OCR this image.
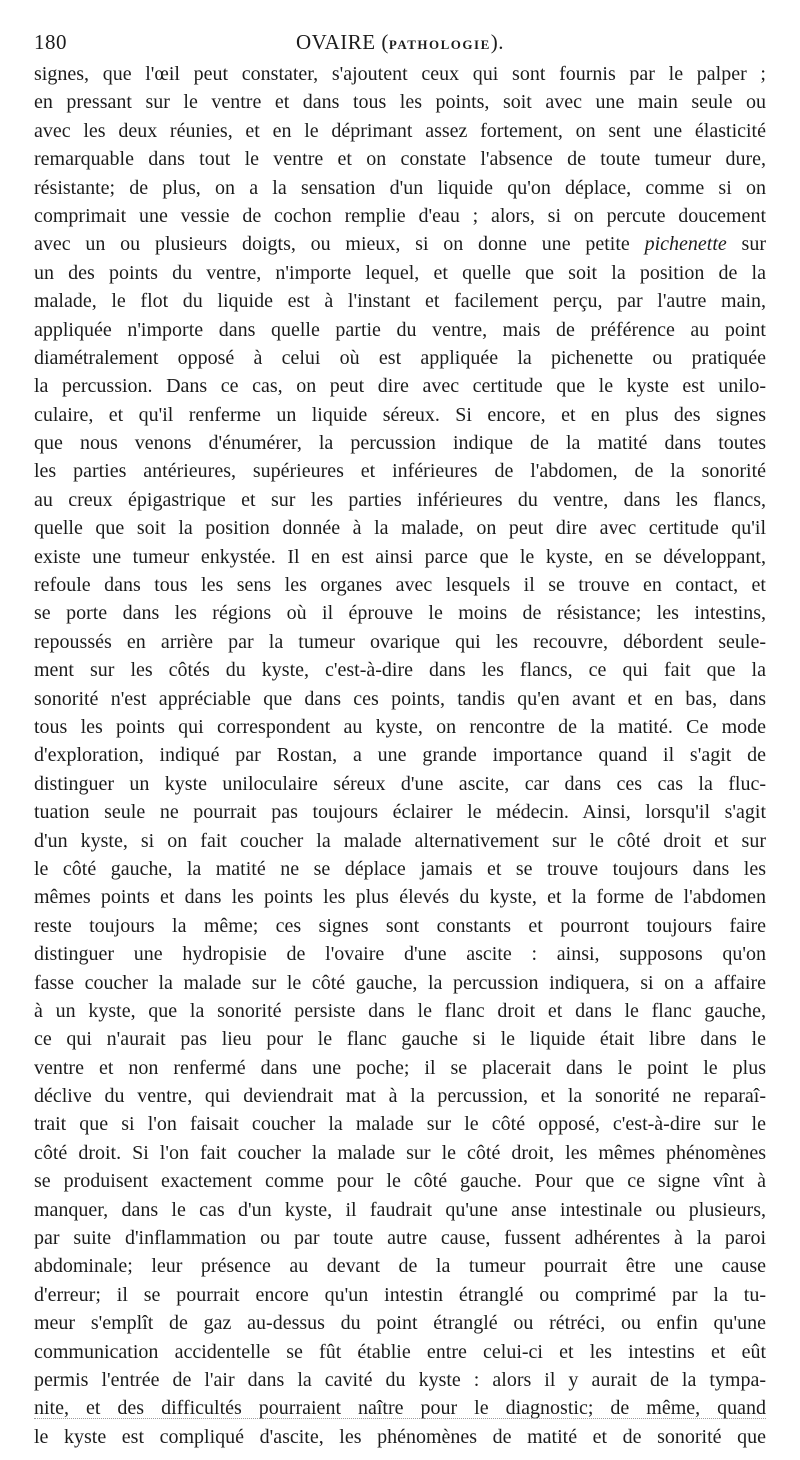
180	OVAIRE (PATHOLOGIE).
signes, que l'œil peut constater, s'ajoutent ceux qui sont fournis par le palper ;
en pressant sur le ventre et dans tous les points, soit avec une main seule ou
avec les deux réunies, et en le déprimant assez fortement, on sent une élasticité
remarquable dans tout le ventre et on constate l'absence de toute tumeur dure,
résistante; de plus, on a la sensation d'un liquide qu'on déplace, comme si on
comprimait une vessie de cochon remplie d'eau ; alors, si on percute doucement
avec un ou plusieurs doigts, ou mieux, si on donne une petite pichenette sur
un des points du ventre, n'importe lequel, et quelle que soit la position de la
malade, le flot du liquide est à l'instant et facilement perçu, par l'autre main,
appliquée n'importe dans quelle partie du ventre, mais de préférence au point
diamétralement opposé à celui où est appliquée la pichenette ou pratiquée
la percussion. Dans ce cas, on peut dire avec certitude que le kyste est unilo-
culaire, et qu'il renferme un liquide séreux. Si encore, et en plus des signes
que nous venons d'énumérer, la percussion indique de la matité dans toutes
les parties antérieures, supérieures et inférieures de l'abdomen, de la sonorité
au creux épigastrique et sur les parties inférieures du ventre, dans les flancs,
quelle que soit la position donnée à la malade, on peut dire avec certitude qu'il
existe une tumeur enkystée. Il en est ainsi parce que le kyste, en se développant,
refoule dans tous les sens les organes avec lesquels il se trouve en contact, et
se porte dans les régions où il éprouve le moins de résistance; les intestins,
repoussés en arrière par la tumeur ovarique qui les recouvre, débordent seule-
ment sur les côtés du kyste, c'est-à-dire dans les flancs, ce qui fait que la
sonorité n'est appréciable que dans ces points, tandis qu'en avant et en bas, dans
tous les points qui correspondent au kyste, on rencontre de la matité. Ce mode
d'exploration, indiqué par Rostan, a une grande importance quand il s'agit de
distinguer un kyste uniloculaire séreux d'une ascite, car dans ces cas la fluc-
tuation seule ne pourrait pas toujours éclairer le médecin. Ainsi, lorsqu'il s'agit
d'un kyste, si on fait coucher la malade alternativement sur le côté droit et sur
le côté gauche, la matité ne se déplace jamais et se trouve toujours dans les
mêmes points et dans les points les plus élevés du kyste, et la forme de l'abdomen
reste toujours la même; ces signes sont constants et pourront toujours faire
distinguer une hydropisie de l'ovaire d'une ascite : ainsi, supposons qu'on
fasse coucher la malade sur le côté gauche, la percussion indiquera, si on a affaire
à un kyste, que la sonorité persiste dans le flanc droit et dans le flanc gauche,
ce qui n'aurait pas lieu pour le flanc gauche si le liquide était libre dans le
ventre et non renfermé dans une poche; il se placerait dans le point le plus
déclive du ventre, qui deviendrait mat à la percussion, et la sonorité ne reparaî-
trait que si l'on faisait coucher la malade sur le côté opposé, c'est-à-dire sur le
côté droit. Si l'on fait coucher la malade sur le côté droit, les mêmes phénomènes
se produisent exactement comme pour le côté gauche. Pour que ce signe vînt à
manquer, dans le cas d'un kyste, il faudrait qu'une anse intestinale ou plusieurs,
par suite d'inflammation ou par toute autre cause, fussent adhérentes à la paroi
abdominale; leur présence au devant de la tumeur pourrait être une cause
d'erreur; il se pourrait encore qu'un intestin étranglé ou comprimé par la tu-
meur s'emplît de gaz au-dessus du point étranglé ou rétréci, ou enfin qu'une
communication accidentelle se fût établie entre celui-ci et les intestins et eût
permis l'entrée de l'air dans la cavité du kyste : alors il y aurait de la tympa-
nite, et des difficultés pourraient naître pour le diagnostic; de même, quand
le kyste est compliqué d'ascite, les phénomènes de matité et de sonorité que
